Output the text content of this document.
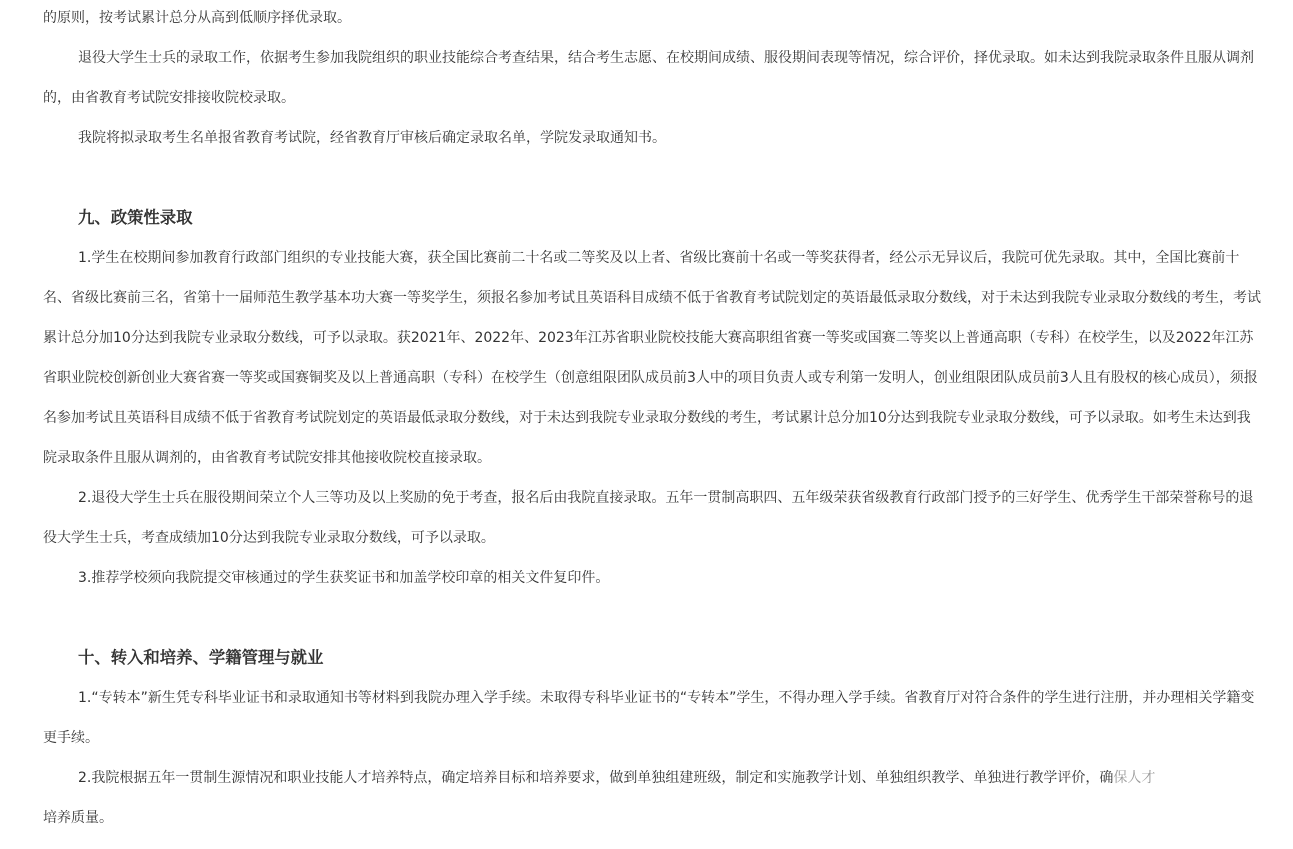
的原则，按考试累计总分从高到低顺序择优录取。

退役大学生士兵的录取工作，依据考生参加我院组织的职业技能综合考查结果，结合考生志愿、在校期间成绩、服役期间表现等情况，综合评价，择优录取。如未达到我院录取条件且服从调剂的，由省教育考试院安排接收院校录取。

我院将拟录取考生名单报省教育考试院，经省教育厅审核后确定录取名单，学院发录取通知书。

九、政策性录取

1.学生在校期间参加教育行政部门组织的专业技能大赛，获全国比赛前二十名或二等奖及以上者、省级比赛前十名或一等奖获得者，经公示无异议后，我院可优先录取。其中，全国比赛前十名、省级比赛前三名，省第十一届师范生教学基本功大赛一等奖学生，须报名参加考试且英语科目成绩不低于省教育考试院划定的英语最低录取分数线，对于未达到我院专业录取分数线的考生，考试累计总分加10分达到我院专业录取分数线，可予以录取。获2021年、2022年、2023年江苏省职业院校技能大赛高职组省赛一等奖或国赛二等奖以上普通高职（专科）在校学生，以及2022年江苏省职业院校创新创业大赛省赛一等奖或国赛铜奖及以上普通高职（专科）在校学生（创意组限团队成员前3人中的项目负责人或专利第一发明人，创业组限团队成员前3人且有股权的核心成员），须报名参加考试且英语科目成绩不低于省教育考试院划定的英语最低录取分数线，对于未达到我院专业录取分数线的考生，考试累计总分加10分达到我院专业录取分数线，可予以录取。如考生未达到我院录取条件且服从调剂的，由省教育考试院安排其他接收院校直接录取。

2.退役大学生士兵在服役期间荣立个人三等功及以上奖励的免于考查，报名后由我院直接录取。五年一贯制高职四、五年级荣获省级教育行政部门授予的三好学生、优秀学生干部荣誉称号的退役大学生士兵，考查成绩加10分达到我院专业录取分数线，可予以录取。

3.推荐学校须向我院提交审核通过的学生获奖证书和加盖学校印章的相关文件复印件。

十、转入和培养、学籍管理与就业

1.“专转本”新生凭专科毕业证书和录取通知书等材料到我院办理入学手续。未取得专科毕业证书的“专转本”学生，不得办理入学手续。省教育厅对符合条件的学生进行注册，并办理相关学籍变更手续。

2.我院根据五年一贯制生源情况和职业技能人才培养特点，确定培养目标和培养要求，做到单独组建班级，制定和实施教学计划、单独组织教学、单独进行教学评价，确保人才
培养质量。
